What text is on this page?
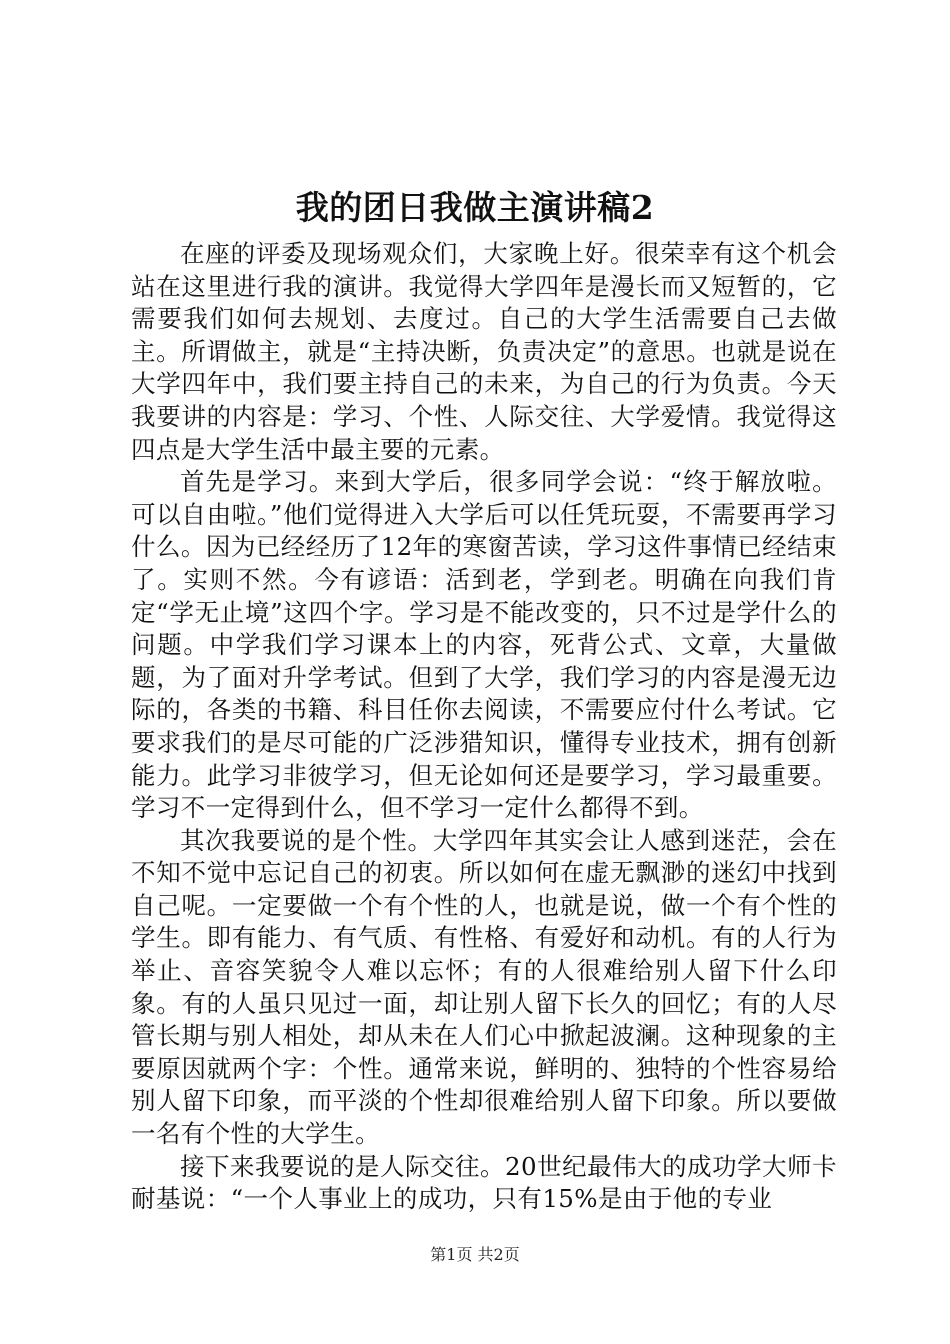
我的团日我做主演讲稿2

在座的评委及现场观众们，大家晚上好。很荣幸有这个机会站在这里进行我的演讲。我觉得大学四年是漫长而又短暂的，它需要我们如何去规划、去度过。自己的大学生活需要自己去做主。所谓做主，就是“主持决断，负责决定”的意思。也就是说在大学四年中，我们要主持自己的未来，为自己的行为负责。今天我要讲的内容是：学习、个性、人际交往、大学爱情。我觉得这四点是大学生活中最主要的元素。

首先是学习。来到大学后，很多同学会说：“终于解放啦。可以自由啦。”他们觉得进入大学后可以任凭玩耍，不需要再学习什么。因为已经经历了12年的寒窗苦读，学习这件事情已经结束了。实则不然。今有谚语：活到老，学到老。明确在向我们肯定“学无止境”这四个字。学习是不能改变的，只不过是学什么的问题。中学我们学习课本上的内容，死背公式、文章，大量做题，为了面对升学考试。但到了大学，我们学习的内容是漫无边际的，各类的书籍、科目任你去阅读，不需要应付什么考试。它要求我们的是尽可能的广泛涉猎知识，懂得专业技术，拥有创新能力。此学习非彼学习，但无论如何还是要学习，学习最重要。学习不一定得到什么，但不学习一定什么都得不到。

其次我要说的是个性。大学四年其实会让人感到迷茫，会在不知不觉中忘记自己的初衷。所以如何在虚无飘渺的迷幻中找到自己呢。一定要做一个有个性的人，也就是说，做一个有个性的学生。即有能力、有气质、有性格、有爱好和动机。有的人行为举止、音容笑貌令人难以忘怀；有的人很难给别人留下什么印象。有的人虽只见过一面，却让别人留下长久的回忆；有的人尽管长期与别人相处，却从未在人们心中掀起波澜。这种现象的主要原因就两个字：个性。通常来说，鲜明的、独特的个性容易给别人留下印象，而平淡的个性却很难给别人留下印象。所以要做一名有个性的大学生。

接下来我要说的是人际交往。20世纪最伟大的成功学大师卡耐基说：“一个人事业上的成功，只有15%是由于他的专业

第1页 共2页
